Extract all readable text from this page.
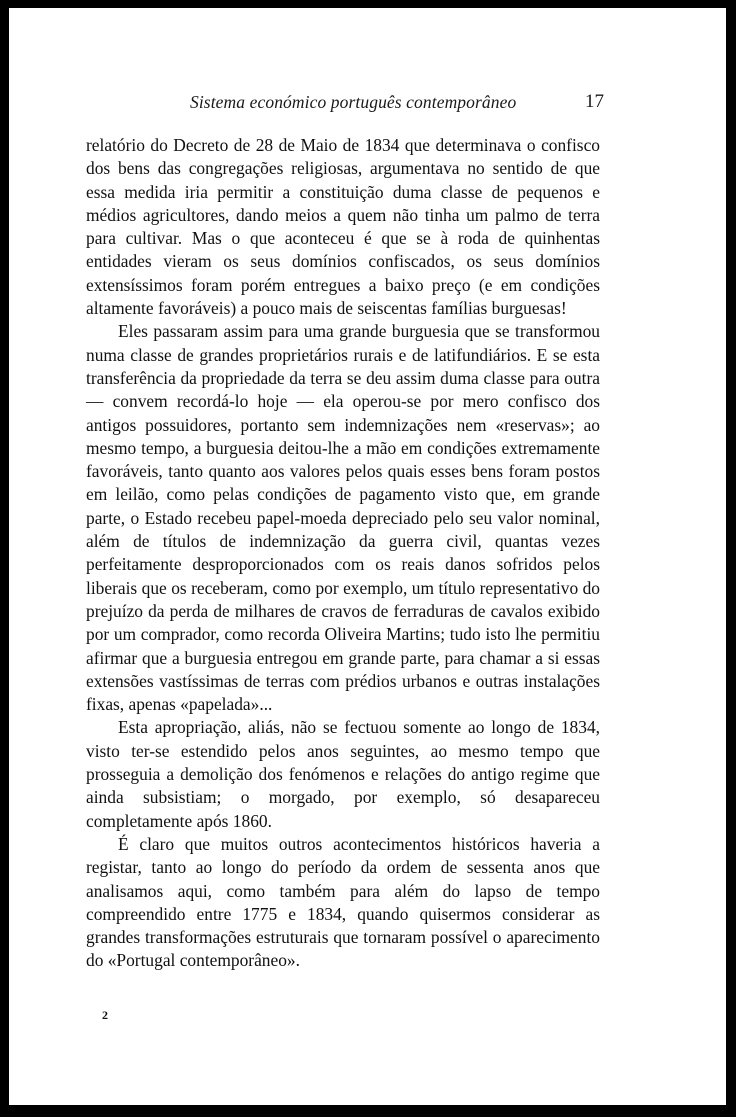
Sistema económico português contemporâneo	17

relatório do Decreto de 28 de Maio de 1834 que determinava o confisco dos bens das congregações religiosas, argumentava no sentido de que essa medida iria permitir a constituição duma classe de pequenos e médios agricultores, dando meios a quem não tinha um palmo de terra para cultivar. Mas o que aconteceu é que se à roda de quinhentas entidades vieram os seus domínios confiscados, os seus domínios extensíssimos foram porém entregues a baixo preço (e em condições altamente favoráveis) a pouco mais de seiscentas famílias burguesas!

Eles passaram assim para uma grande burguesia que se transformou numa classe de grandes proprietários rurais e de latifundiários. E se esta transferência da propriedade da terra se deu assim duma classe para outra — convem recordá-lo hoje — ela operou-se por mero confisco dos antigos possuidores, portanto sem indemnizações nem «reservas»; ao mesmo tempo, a burguesia deitou-lhe a mão em condições extremamente favoráveis, tanto quanto aos valores pelos quais esses bens foram postos em leilão, como pelas condições de pagamento visto que, em grande parte, o Estado recebeu papel-moeda depreciado pelo seu valor nominal, além de títulos de indemnização da guerra civil, quantas vezes perfeitamente desproporcionados com os reais danos sofridos pelos liberais que os receberam, como por exemplo, um título representativo do prejuízo da perda de milhares de cravos de ferraduras de cavalos exibido por um comprador, como recorda Oliveira Martins; tudo isto lhe permitiu afirmar que a burguesia entregou em grande parte, para chamar a si essas extensões vastíssimas de terras com prédios urbanos e outras instalações fixas, apenas «papelada»...

Esta apropriação, aliás, não se fectuou somente ao longo de 1834, visto ter-se estendido pelos anos seguintes, ao mesmo tempo que prosseguia a demolição dos fenómenos e relações do antigo regime que ainda subsistiam; o morgado, por exemplo, só desapareceu completamente após 1860.

É claro que muitos outros acontecimentos históricos haveria a registar, tanto ao longo do período da ordem de sessenta anos que analisamos aqui, como também para além do lapso de tempo compreendido entre 1775 e 1834, quando quisermos considerar as grandes transformações estruturais que tornaram possível o aparecimento do «Portugal contemporâneo».

2
